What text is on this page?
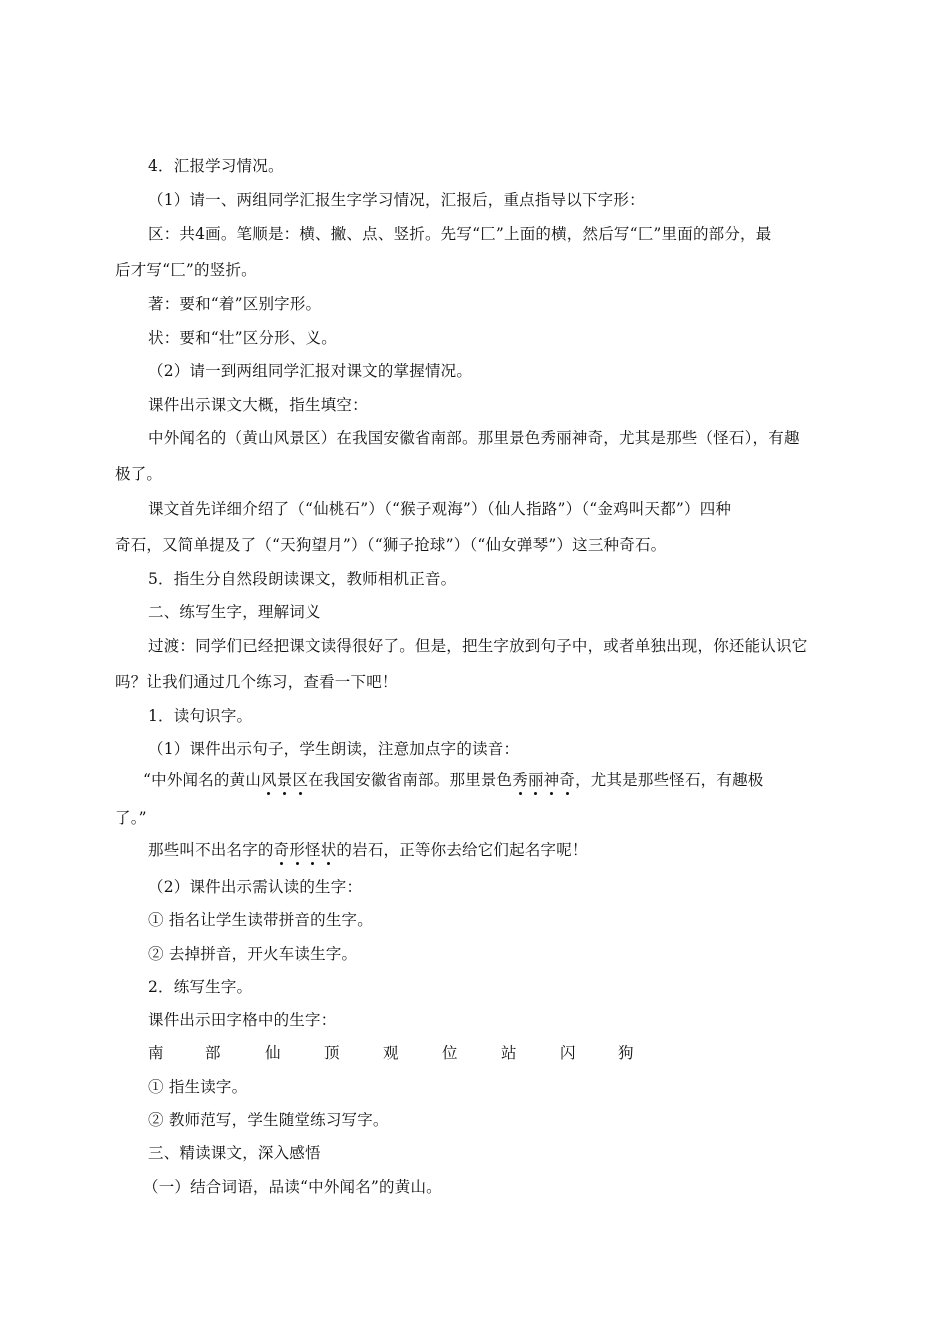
4．汇报学习情况。
（1）请一、两组同学汇报生字学习情况，汇报后，重点指导以下字形：
区：共4画。笔顺是：横、撇、点、竖折。先写“匚”上面的横，然后写“匚”里面的部分，最
后才写“匚”的竖折。
著：要和“着”区别字形。
状：要和“壮”区分形、义。
（2）请一到两组同学汇报对课文的掌握情况。
课件出示课文大概，指生填空：
中外闻名的（黄山风景区）在我国安徽省南部。那里景色秀丽神奇，尤其是那些（怪石），有趣
极了。
课文首先详细介绍了（“仙桃石”）（“猴子观海”）（仙人指路”）（“金鸡叫天都”）四种
奇石，又简单提及了（“天狗望月”）（“狮子抢球”）（“仙女弹琴”）这三种奇石。
5．指生分自然段朗读课文，教师相机正音。
二、练写生字，理解词义
过渡：同学们已经把课文读得很好了。但是，把生字放到句子中，或者单独出现，你还能认识它
吗？让我们通过几个练习，查看一下吧！
1．读句识字。
（1）课件出示句子，学生朗读，注意加点字的读音：
“中外闻名的黄山风景区在我国安徽省南部。那里景色秀丽神奇，尤其是那些怪石，有趣极
了。”
那些叫不出名字的奇形怪状的岩石，正等你去给它们起名字呢！
（2）课件出示需认读的生字：
① 指名让学生读带拼音的生字。
② 去掉拼音，开火车读生字。
2．练写生字。
课件出示田字格中的生字：
南	部	仙	顶	观	位	站	闪	狗
① 指生读字。
② 教师范写，学生随堂练习写字。
三、精读课文，深入感悟
（一）结合词语，品读“中外闻名”的黄山。
